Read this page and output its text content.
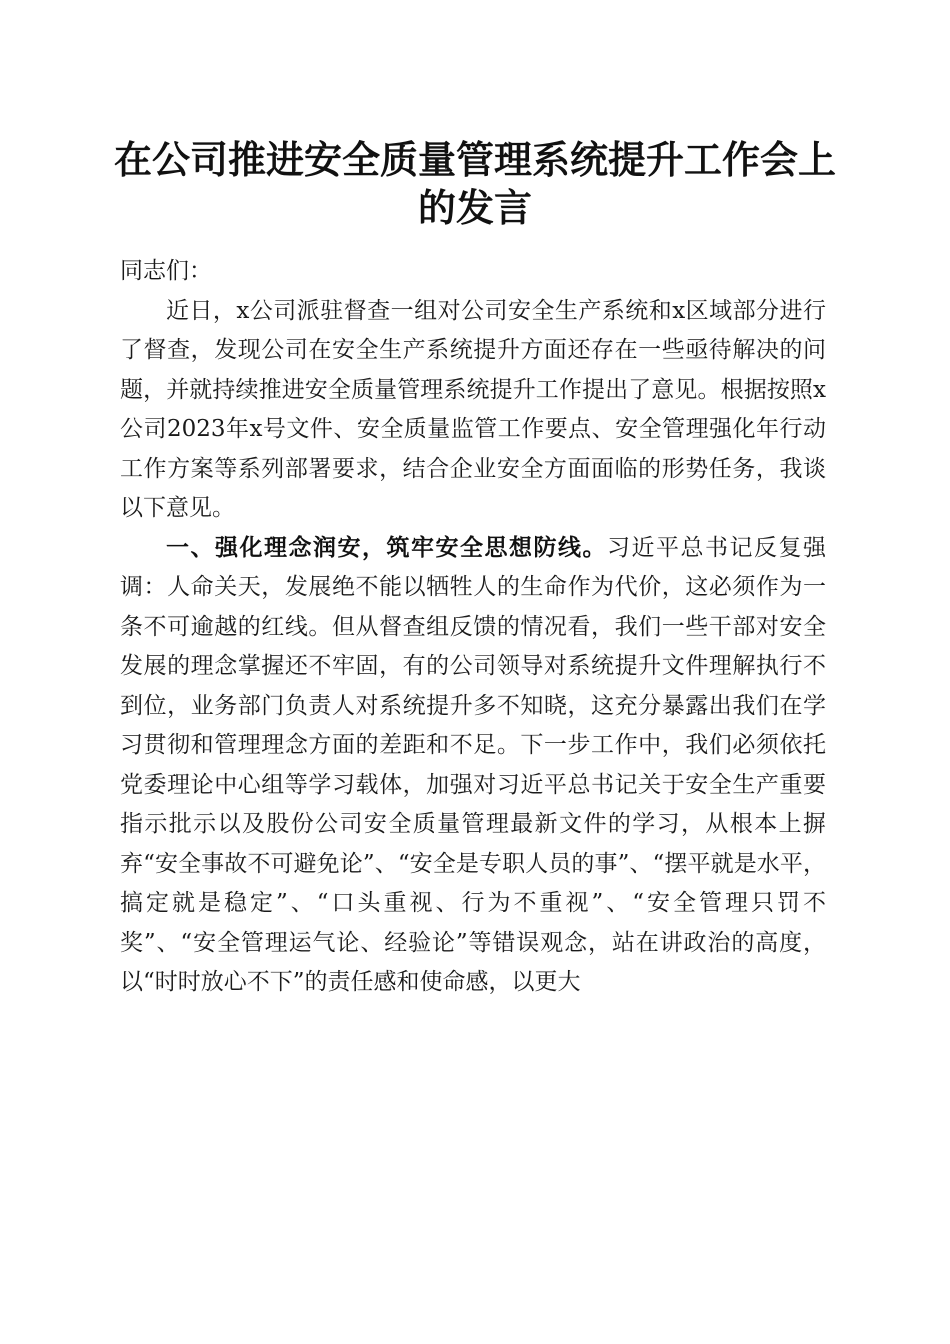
在公司推进安全质量管理系统提升工作会上的发言

同志们：

近日，x公司派驻督查一组对公司安全生产系统和x区域部分进行了督查，发现公司在安全生产系统提升方面还存在一些亟待解决的问题，并就持续推进安全质量管理系统提升工作提出了意见。根据按照x公司2023年x号文件、安全质量监管工作要点、安全管理强化年行动工作方案等系列部署要求，结合企业安全方面面临的形势任务，我谈以下意见。

一、强化理念润安，筑牢安全思想防线。习近平总书记反复强调：人命关天，发展绝不能以牺牲人的生命作为代价，这必须作为一条不可逾越的红线。但从督查组反馈的情况看，我们一些干部对安全发展的理念掌握还不牢固，有的公司领导对系统提升文件理解执行不到位，业务部门负责人对系统提升多不知晓，这充分暴露出我们在学习贯彻和管理理念方面的差距和不足。下一步工作中，我们必须依托党委理论中心组等学习载体，加强对习近平总书记关于安全生产重要指示批示以及股份公司安全质量管理最新文件的学习，从根本上摒弃“安全事故不可避免论”、“安全是专职人员的事”、“摆平就是水平，搞定就是稳定”、“口头重视、行为不重视”、“安全管理只罚不奖”、“安全管理运气论、经验论”等错误观念，站在讲政治的高度，以“时时放心不下”的责任感和使命感，以更大
